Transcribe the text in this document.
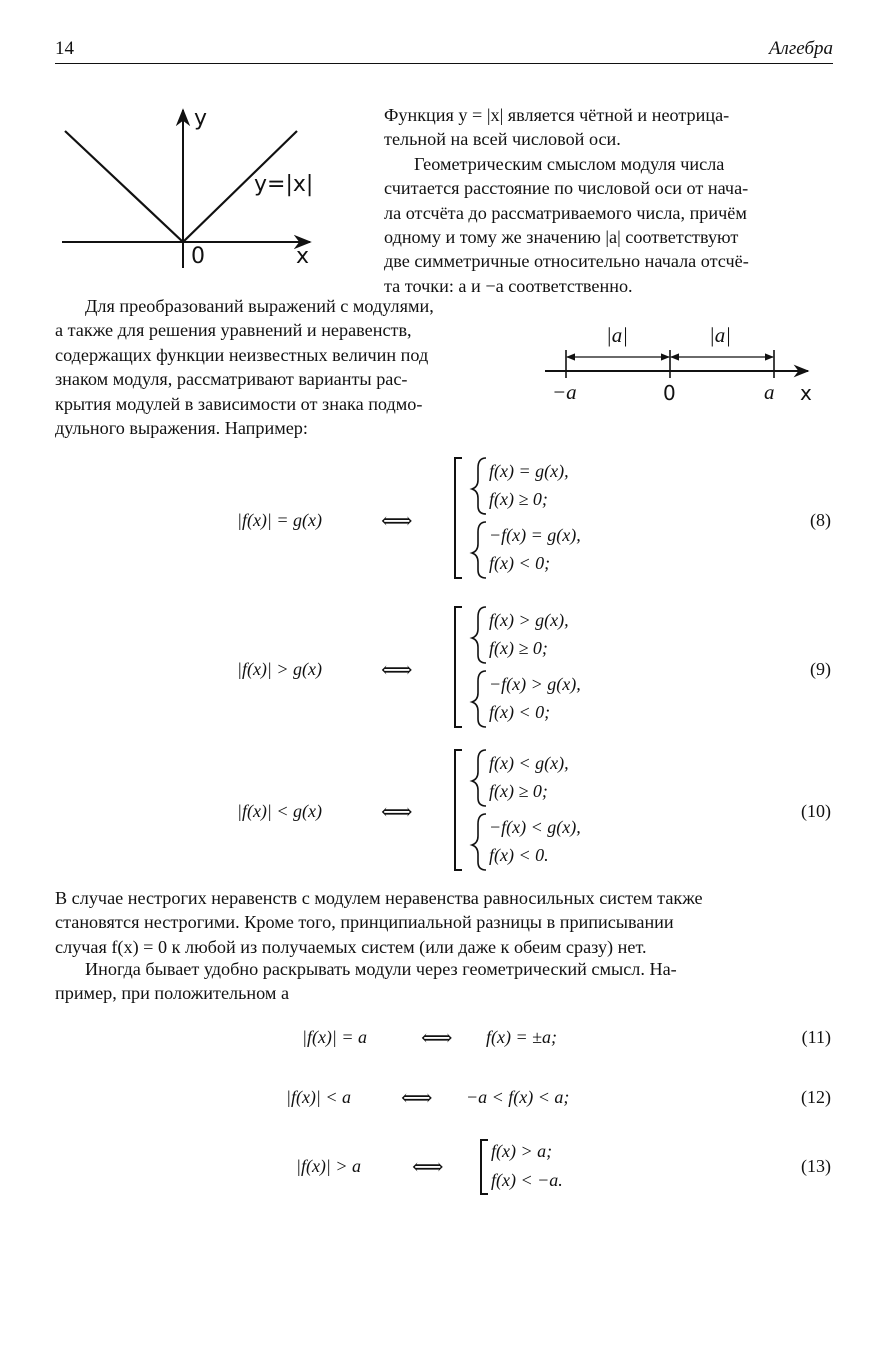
14	Алгебра
y
x
0
y=|x|
Функция y = |x| является чётной и неотрица-
тельной на всей числовой оси.
Геометрическим смыслом модуля числа
считается расстояние по числовой оси от нача-
ла отсчёта до рассматриваемого числа, причём
одному и тому же значению |a| соответствуют
две симметричные относительно начала отсчё-
та точки: a и −a соответственно.
Для преобразований выражений с модулями,
а также для решения уравнений и неравенств,
содержащих функции неизвестных величин под
знаком модуля, рассматривают варианты рас-
крытия модулей в зависимости от знака подмо-
дульного выражения. Например:
|a|	|a|
−a	0	a x
|f(x)| = g(x)	⟺
f(x) = g(x),
f(x) ≥ 0;
−f(x) = g(x),
f(x) < 0;
(8)
|f(x)| > g(x)	⟺
f(x) > g(x),
f(x) ≥ 0;
−f(x) > g(x),
f(x) < 0;
(9)
|f(x)| < g(x)	⟺
f(x) < g(x),
f(x) ≥ 0;
−f(x) < g(x),
f(x) < 0.
(10)
В случае нестрогих неравенств с модулем неравенства равносильных систем также
становятся нестрогими. Кроме того, принципиальной разницы в приписывании
случая f(x) = 0 к любой из получаемых систем (или даже к обеим сразу) нет.
Иногда бывает удобно раскрывать модули через геометрический смысл. На-
пример, при положительном a
|f(x)| = a ⟺ f(x) = ±a;	(11)
|f(x)| < a ⟺ −a < f(x) < a;	(12)
|f(x)| > a ⟺
f(x) > a;
f(x) < −a.
(13)
